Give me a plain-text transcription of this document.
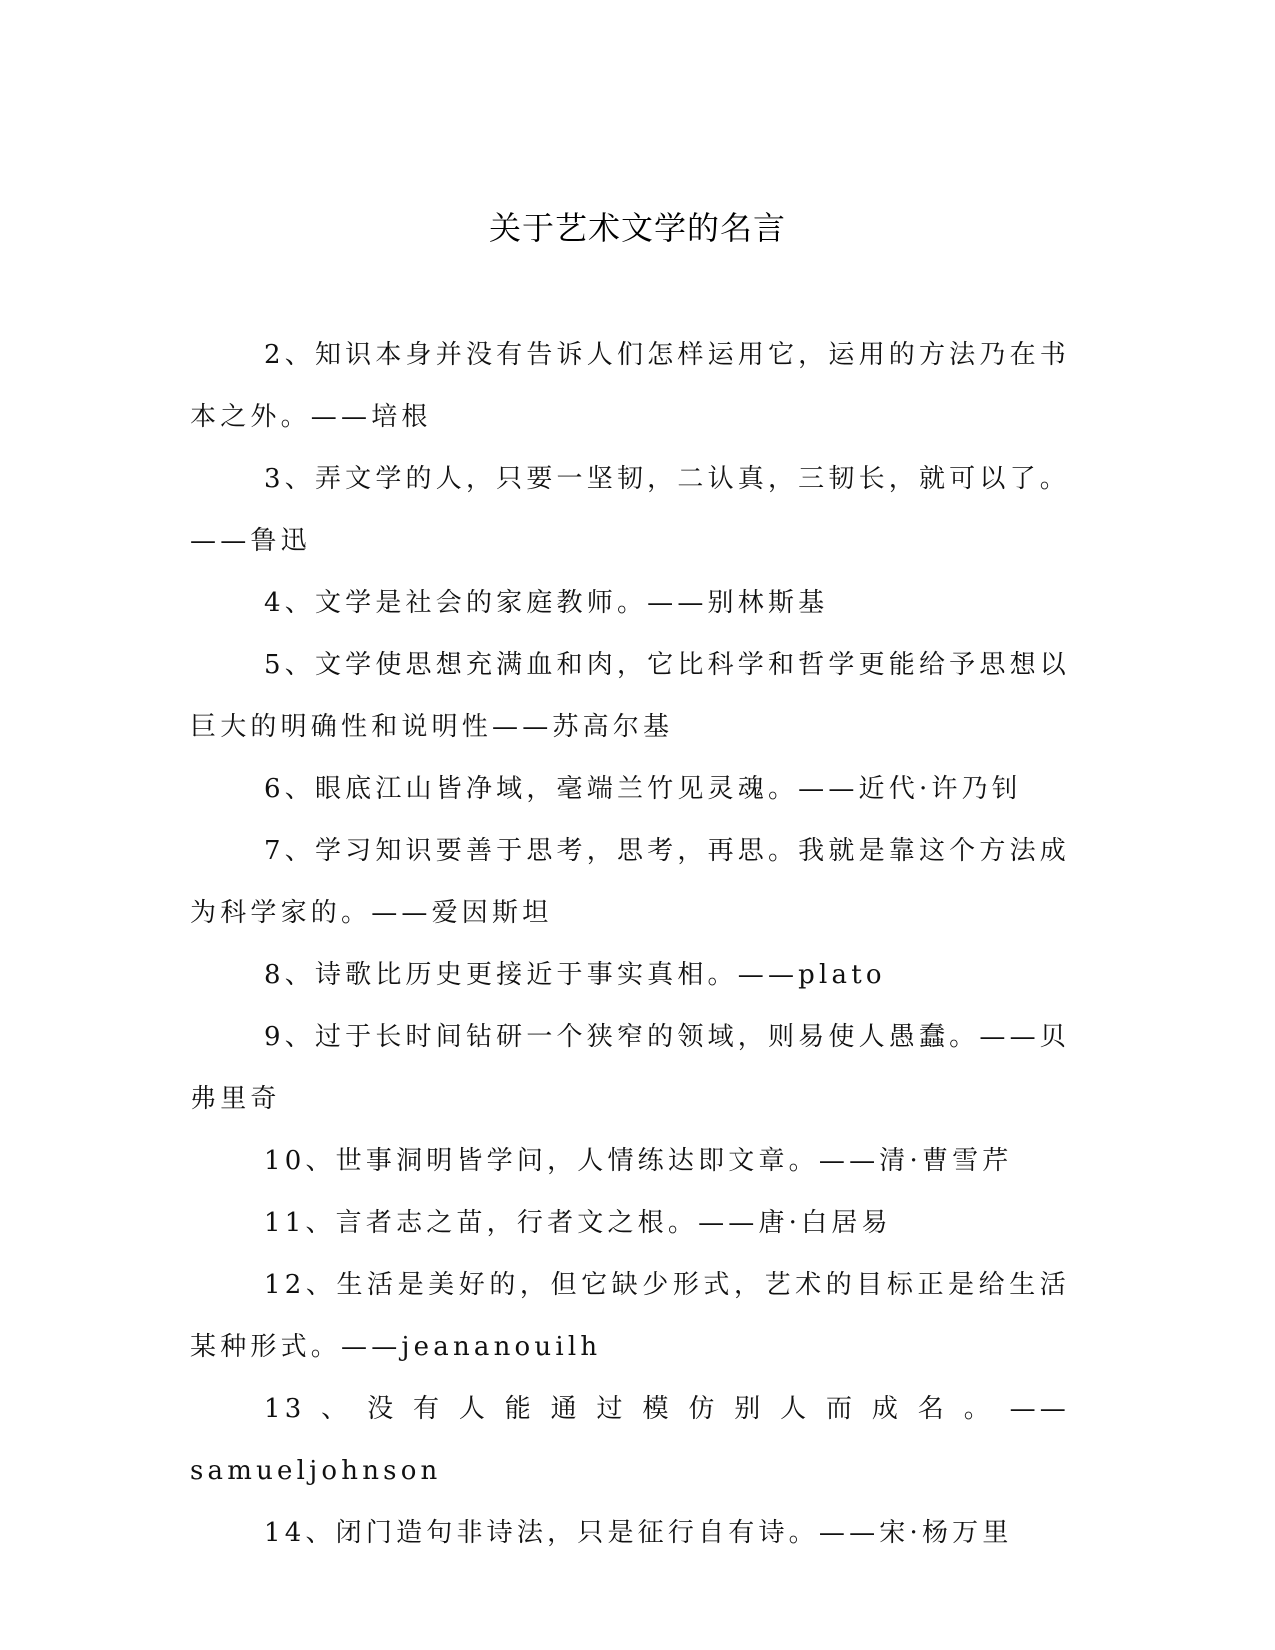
关于艺术文学的名言

2、知识本身并没有告诉人们怎样运用它，运用的方法乃在书本之外。——培根

3、弄文学的人，只要一坚韧，二认真，三韧长，就可以了。——鲁迅

4、文学是社会的家庭教师。——别林斯基

5、文学使思想充满血和肉，它比科学和哲学更能给予思想以巨大的明确性和说明性——苏高尔基

6、眼底江山皆净域，毫端兰竹见灵魂。——近代·许乃钊

7、学习知识要善于思考，思考，再思。我就是靠这个方法成为科学家的。——爱因斯坦

8、诗歌比历史更接近于事实真相。——plato

9、过于长时间钻研一个狭窄的领域，则易使人愚蠢。——贝弗里奇

10、世事洞明皆学问，人情练达即文章。——清·曹雪芹

11、言者志之苗，行者文之根。——唐·白居易

12、生活是美好的，但它缺少形式，艺术的目标正是给生活某种形式。——jeananouilh

13、没有人能通过模仿别人而成名。——samueljohnson

14、闭门造句非诗法，只是征行自有诗。——宋·杨万里
